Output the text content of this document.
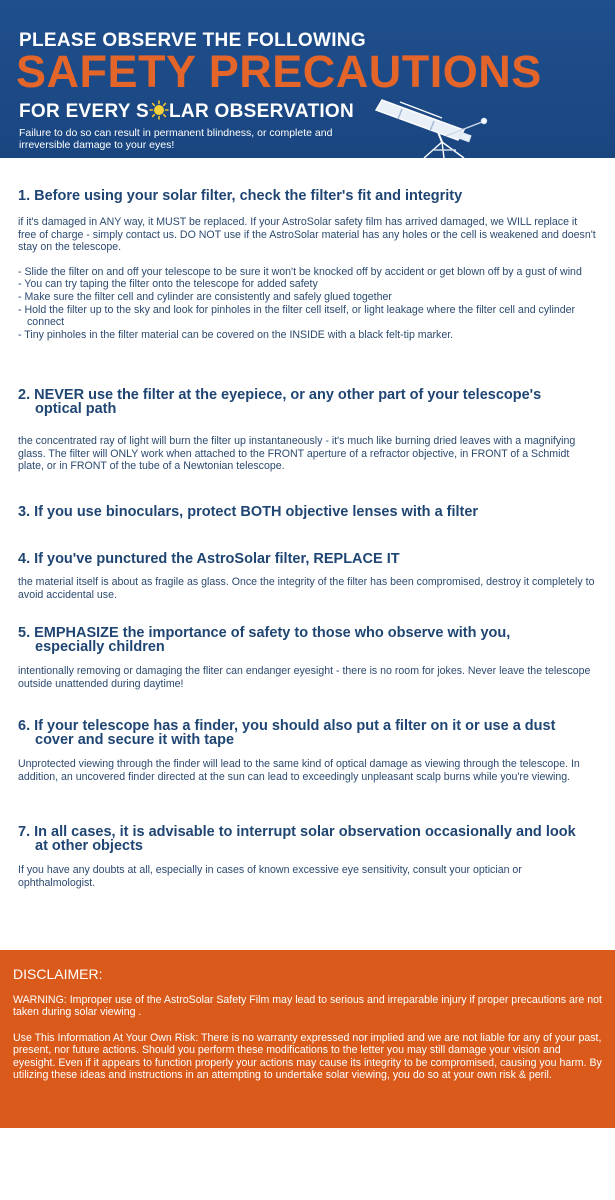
PLEASE OBSERVE THE FOLLOWING
SAFETY PRECAUTIONS
FOR EVERY S LAR OBSERVATION
Failure to do so can result in permanent blindness, or complete and irreversible damage to your eyes!
1. Before using your solar filter, check the filter's fit and integrity

if it's damaged in ANY way, it MUST be replaced. If your AstroSolar safety film has arrived damaged, we WILL replace it free of charge - simply contact us. DO NOT use if the AstroSolar material has any holes or the cell is weakened and doesn't stay on the telescope.

- Slide the filter on and off your telescope to be sure it won't be knocked off by accident or get blown off by a gust of wind
- You can try taping the filter onto the telescope for added safety
- Make sure the filter cell and cylinder are consistently and safely glued together
- Hold the filter up to the sky and look for pinholes in the filter cell itself, or light leakage where the filter cell and cylinder connect
- Tiny pinholes in the filter material can be covered on the INSIDE with a black felt-tip marker.
2. NEVER use the filter at the eyepiece, or any other part of your telescope's
optical path
the concentrated ray of light will burn the filter up instantaneously - it's much like burning dried leaves with a magnifying glass. The filter will ONLY work when attached to the FRONT aperture of a refractor objective, in FRONT of a Schmidt plate, or in FRONT of the tube of a Newtonian telescope.
3. If you use binoculars, protect BOTH objective lenses with a filter
4. If you've punctured the AstroSolar filter, REPLACE IT
the material itself is about as fragile as glass. Once the integrity of the filter has been compromised, destroy it completely to avoid accidental use.
5. EMPHASIZE the importance of safety to those who observe with you,
especially children
intentionally removing or damaging the fliter can endanger eyesight - there is no room for jokes. Never leave the telescope outside unattended during daytime!
6. If your telescope has a finder, you should also put a filter on it or use a dust
cover and secure it with tape
Unprotected viewing through the finder will lead to the same kind of optical damage as viewing through the telescope. In addition, an uncovered finder directed at the sun can lead to exceedingly unpleasant scalp burns while you're viewing.
7. In all cases, it is advisable to interrupt solar observation occasionally and look
at other objects
If you have any doubts at all, especially in cases of known excessive eye sensitivity, consult your optician or ophthalmologist.
DISCLAIMER:
WARNING: Improper use of the AstroSolar Safety Film may lead to serious and irreparable injury if proper precautions are not taken during solar viewing .
Use This Information At Your Own Risk: There is no warranty expressed nor implied and we are not liable for any of your past, present, nor future actions. Should you perform these modifications to the letter you may still damage your vision and eyesight. Even if it appears to function properly your actions may cause its integrity to be compromised, causing you harm. By utilizing these ideas and instructions in an attempting to undertake solar viewing, you do so at your own risk & peril.
